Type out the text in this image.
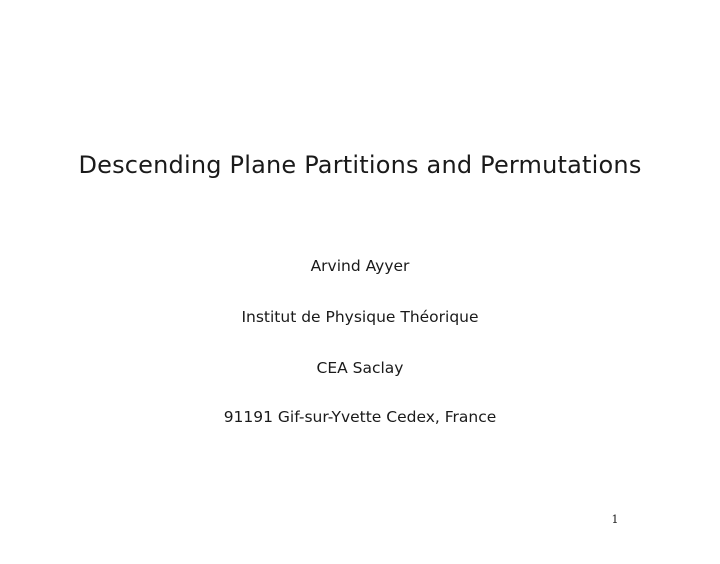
Descending Plane Partitions and Permutations
Arvind Ayyer
Institut de Physique Théorique
CEA Saclay
91191 Gif-sur-Yvette Cedex, France
1
